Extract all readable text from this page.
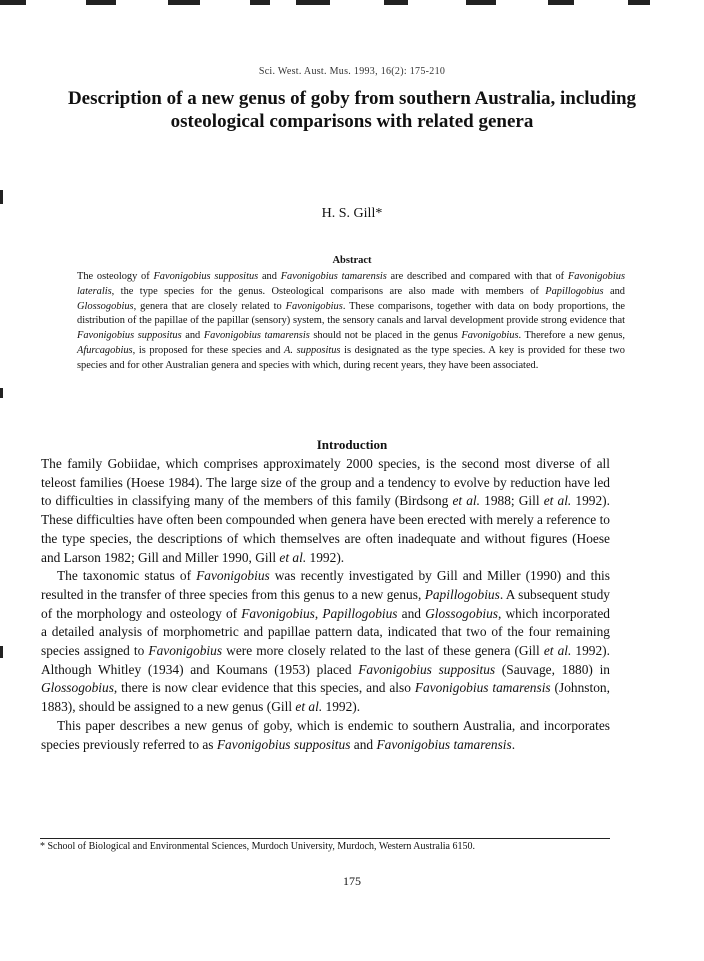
Sci. West. Aust. Mus. 1993, 16(2): 175-210
Description of a new genus of goby from southern Australia, including osteological comparisons with related genera
H. S. Gill*
Abstract

The osteology of Favonigobius suppositus and Favonigobius tamarensis are described and compared with that of Favonigobius lateralis, the type species for the genus. Osteological comparisons are also made with members of Papillogobius and Glossogobius, genera that are closely related to Favonigobius. These comparisons, together with data on body proportions, the distribution of the papillae of the papillar (sensory) system, the sensory canals and larval development provide strong evidence that Favonigobius suppositus and Favonigobius tamarensis should not be placed in the genus Favonigobius. Therefore a new genus, Afurcagobius, is proposed for these species and A. suppositus is designated as the type species. A key is provided for these two species and for other Australian genera and species with which, during recent years, they have been associated.

Introduction

The family Gobiidae, which comprises approximately 2000 species, is the second most diverse of all teleost families (Hoese 1984). The large size of the group and a tendency to evolve by reduction have led to difficulties in classifying many of the members of this family (Birdsong et al. 1988; Gill et al. 1992). These difficulties have often been compounded when genera have been erected with merely a reference to the type species, the descriptions of which themselves are often inadequate and without figures (Hoese and Larson 1982; Gill and Miller 1990, Gill et al. 1992).

The taxonomic status of Favonigobius was recently investigated by Gill and Miller (1990) and this resulted in the transfer of three species from this genus to a new genus, Papillogobius. A subsequent study of the morphology and osteology of Favonigobius, Papillogobius and Glossogobius, which incorporated a detailed analysis of morphometric and papillae pattern data, indicated that two of the four remaining species assigned to Favonigobius were more closely related to the last of these genera (Gill et al. 1992). Although Whitley (1934) and Koumans (1953) placed Favonigobius suppositus (Sauvage, 1880) in Glossogobius, there is now clear evidence that this species, and also Favonigobius tamarensis (Johnston, 1883), should be assigned to a new genus (Gill et al. 1992).

This paper describes a new genus of goby, which is endemic to southern Australia, and incorporates species previously referred to as Favonigobius suppositus and Favonigobius tamarensis.

* School of Biological and Environmental Sciences, Murdoch University, Murdoch, Western Australia 6150.
175
